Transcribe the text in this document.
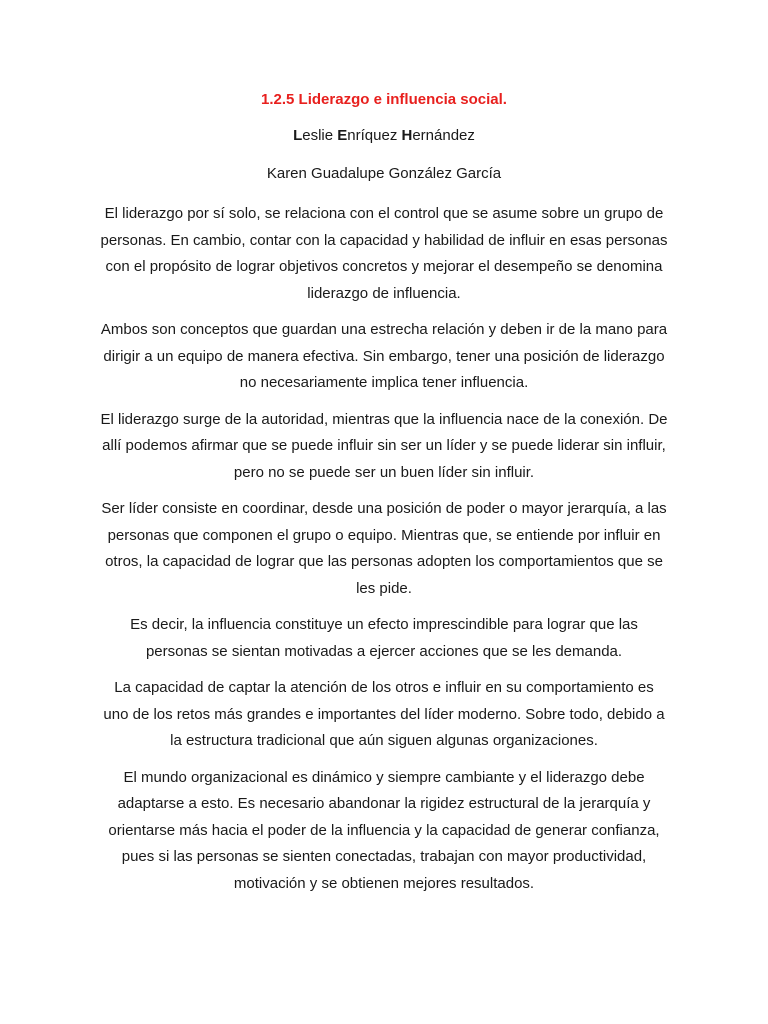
1.2.5 Liderazgo e influencia social.
Leslie Enríquez Hernández
Karen Guadalupe González García

El liderazgo por sí solo, se relaciona con el control que se asume sobre un grupo de personas. En cambio, contar con la capacidad y habilidad de influir en esas personas con el propósito de lograr objetivos concretos y mejorar el desempeño se denomina liderazgo de influencia.

Ambos son conceptos que guardan una estrecha relación y deben ir de la mano para dirigir a un equipo de manera efectiva. Sin embargo, tener una posición de liderazgo no necesariamente implica tener influencia.

El liderazgo surge de la autoridad, mientras que la influencia nace de la conexión. De allí podemos afirmar que se puede influir sin ser un líder y se puede liderar sin influir, pero no se puede ser un buen líder sin influir.

Ser líder consiste en coordinar, desde una posición de poder o mayor jerarquía, a las personas que componen el grupo o equipo. Mientras que, se entiende por influir en otros, la capacidad de lograr que las personas adopten los comportamientos que se les pide.

Es decir, la influencia constituye un efecto imprescindible para lograr que las personas se sientan motivadas a ejercer acciones que se les demanda.

La capacidad de captar la atención de los otros e influir en su comportamiento es uno de los retos más grandes e importantes del líder moderno. Sobre todo, debido a la estructura tradicional que aún siguen algunas organizaciones.

El mundo organizacional es dinámico y siempre cambiante y el liderazgo debe adaptarse a esto. Es necesario abandonar la rigidez estructural de la jerarquía y orientarse más hacia el poder de la influencia y la capacidad de generar confianza, pues si las personas se sienten conectadas, trabajan con mayor productividad, motivación y se obtienen mejores resultados.
